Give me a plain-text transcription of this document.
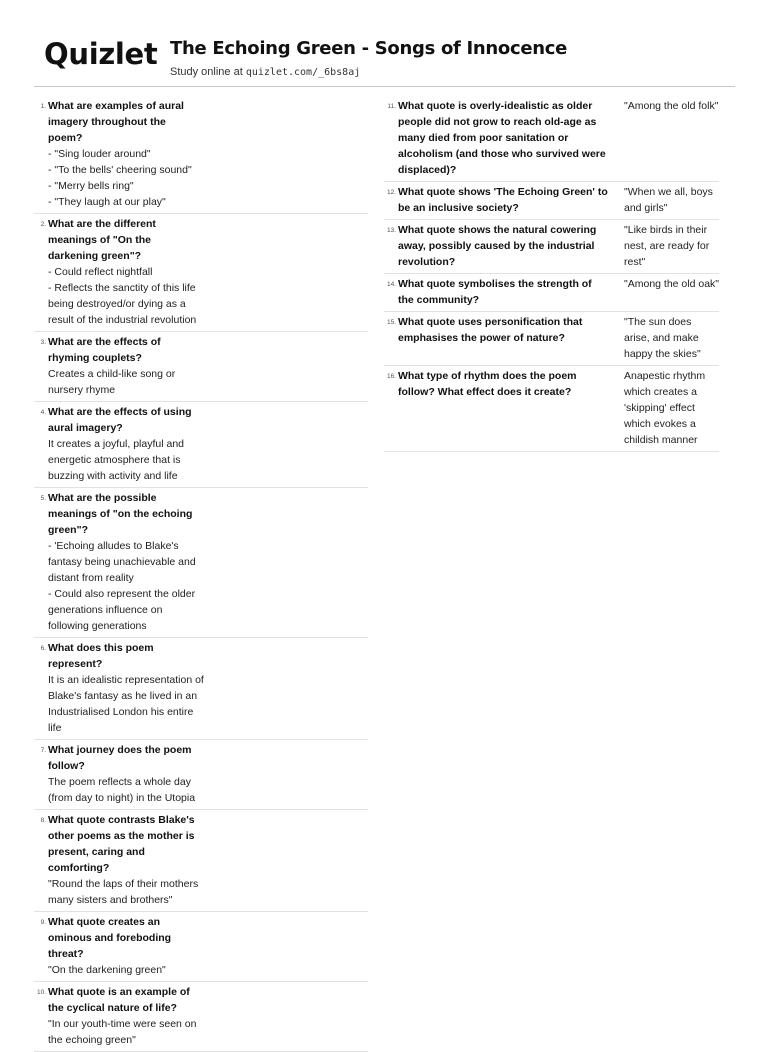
Quizlet The Echoing Green - Songs of Innocence
Study online at quizlet.com/_6bs8aj
1. What are examples of aural imagery throughout the poem?
- "Sing louder around"
- "To the bells' cheering sound"
- "Merry bells ring"
- "They laugh at our play"
2. What are the different meanings of "On the darkening green"?
- Could reflect nightfall
- Reflects the sanctity of this life being destroyed/or dying as a result of the industrial revolution
3. What are the effects of rhyming couplets?
Creates a child-like song or nursery rhyme
4. What are the effects of using aural imagery?
It creates a joyful, playful and energetic atmosphere that is buzzing with activity and life
5. What are the possible meanings of "on the echoing green"?
- 'Echoing alludes to Blake's fantasy being unachievable and distant from reality
- Could also represent the older generations influence on following generations
6. What does this poem represent?
It is an idealistic representation of Blake's fantasy as he lived in an Industrialised London his entire life
7. What journey does the poem follow?
The poem reflects a whole day (from day to night) in the Utopia
8. What quote contrasts Blake's other poems as the mother is present, caring and comforting?
"Round the laps of their mothers many sisters and brothers"
9. What quote creates an ominous and foreboding threat?
"On the darkening green"
10. What quote is an example of the cyclical nature of life?
"In our youth-time were seen on the echoing green"
11. What quote is overly-idealistic as older people did not grow to reach old-age as many died from poor sanitation or alcoholism (and those who survived were displaced)?
"Among the old folk"
12. What quote shows 'The Echoing Green' to be an inclusive society?
"When we all, boys and girls"
13. What quote shows the natural cowering away, possibly caused by the industrial revolution?
"Like birds in their nest, are ready for rest"
14. What quote symbolises the strength of the community?
"Among the old oak"
15. What quote uses personification that emphasises the power of nature?
"The sun does arise, and make happy the skies"
16. What type of rhythm does the poem follow? What effect does it create?
Anapestic rhythm which creates a 'skipping' effect which evokes a childish manner
